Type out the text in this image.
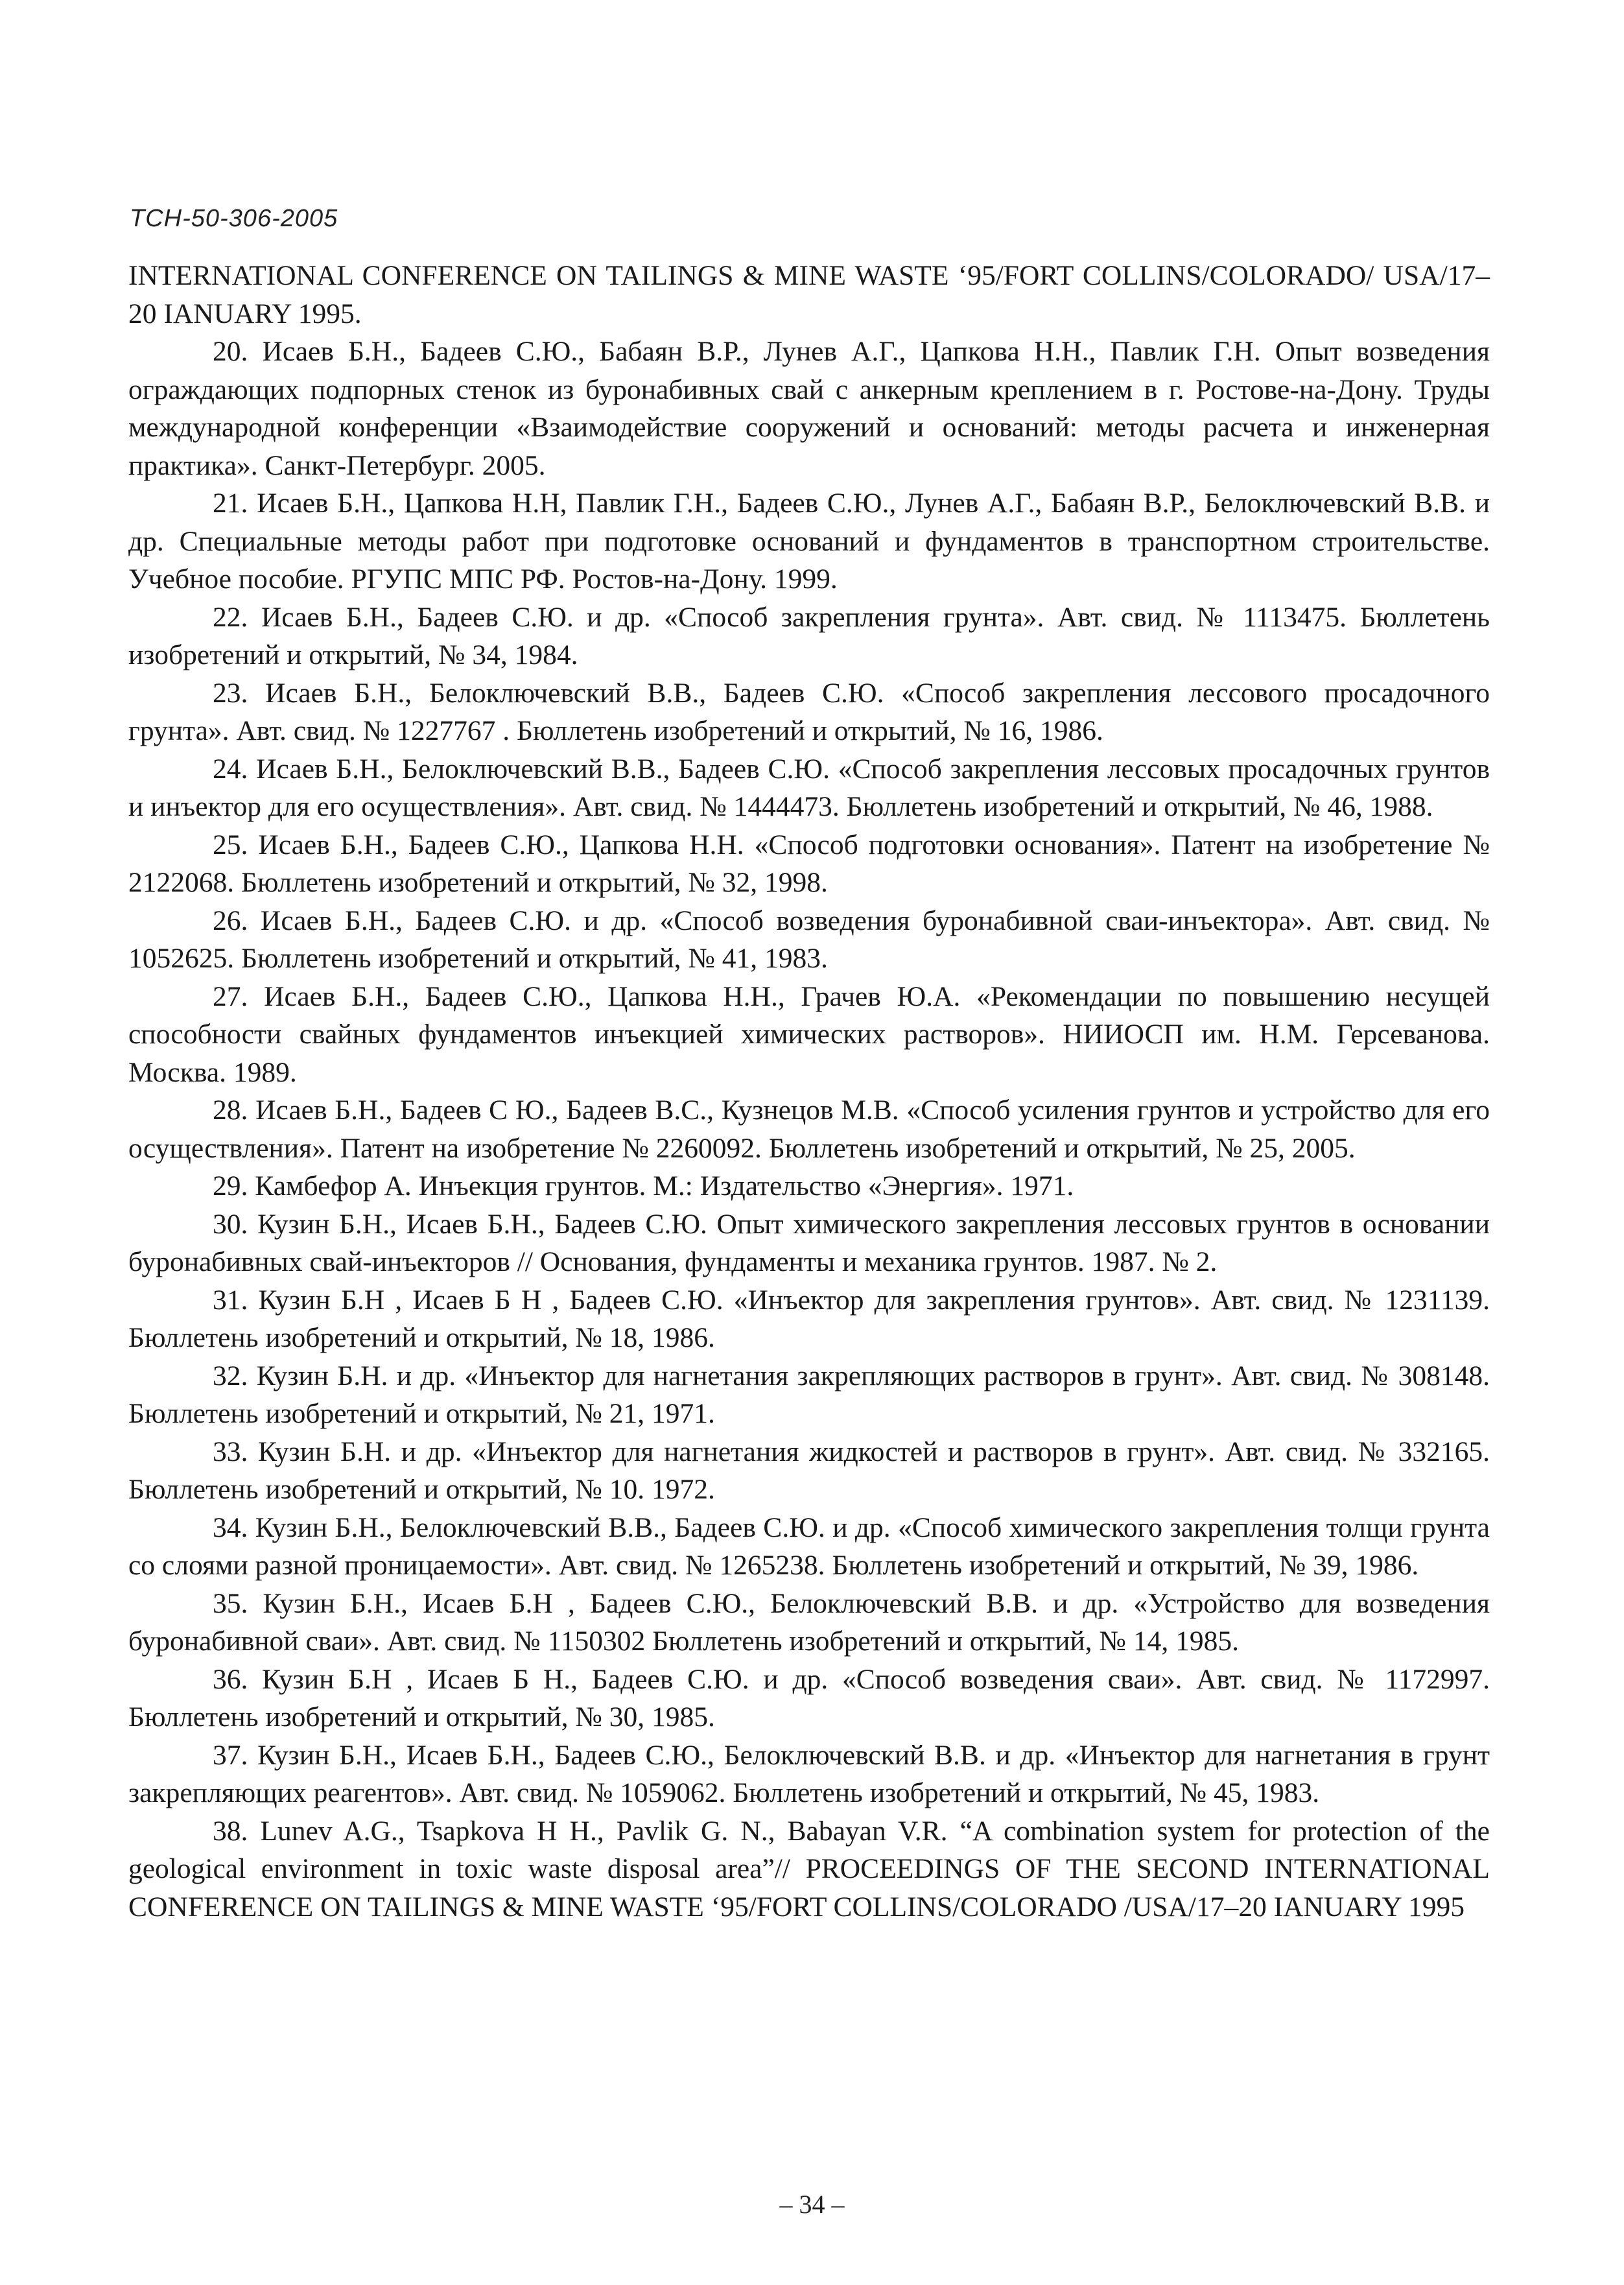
ТСН-50-306-2005

INTERNATIONAL CONFERENCE ON TAILINGS & MINE WASTE ‘95/FORT COLLINS/COLORADO/ USA/17–20 IANUARY 1995.

20. Исаев Б.Н., Бадеев С.Ю., Бабаян В.Р., Лунев А.Г., Цапкова Н.Н., Павлик Г.Н. Опыт возведения ограждающих подпорных стенок из буронабивных свай с анкерным креплением в г. Ростове-на-Дону. Труды международной конференции «Взаимодействие сооружений и оснований: методы расчета и инженерная практика». Санкт-Петербург. 2005.

21. Исаев Б.Н., Цапкова Н.Н, Павлик Г.Н., Бадеев С.Ю., Лунев А.Г., Бабаян В.Р., Белоключевский В.В. и др. Специальные методы работ при подготовке оснований и фундаментов в транспортном строительстве. Учебное пособие. РГУПС МПС РФ. Ростов-на-Дону. 1999.

22. Исаев Б.Н., Бадеев С.Ю. и др. «Способ закрепления грунта». Авт. свид. № 1113475. Бюллетень изобретений и открытий, № 34, 1984.

23. Исаев Б.Н., Белоключевский В.В., Бадеев С.Ю. «Способ закрепления лессового просадочного грунта». Авт. свид. № 1227767 . Бюллетень изобретений и открытий, № 16, 1986.

24. Исаев Б.Н., Белоключевский В.В., Бадеев С.Ю. «Способ закрепления лессовых просадочных грунтов и инъектор для его осуществления». Авт. свид. № 1444473. Бюллетень изобретений и открытий, № 46, 1988.

25. Исаев Б.Н., Бадеев С.Ю., Цапкова Н.Н. «Способ подготовки основания». Патент на изобретение № 2122068. Бюллетень изобретений и открытий, № 32, 1998.

26. Исаев Б.Н., Бадеев С.Ю. и др. «Способ возведения буронабивной сваи-инъектора». Авт. свид. № 1052625. Бюллетень изобретений и открытий, № 41, 1983.

27. Исаев Б.Н., Бадеев С.Ю., Цапкова Н.Н., Грачев Ю.А. «Рекомендации по повышению несущей способности свайных фундаментов инъекцией химических растворов». НИИОСП им. Н.М. Герсеванова. Москва. 1989.

28. Исаев Б.Н., Бадеев С Ю., Бадеев В.С., Кузнецов М.В. «Способ усиления грунтов и устройство для его осуществления». Патент на изобретение № 2260092. Бюллетень изобретений и открытий, № 25, 2005.

29. Камбефор А. Инъекция грунтов. М.: Издательство «Энергия». 1971.

30. Кузин Б.Н., Исаев Б.Н., Бадеев С.Ю. Опыт химического закрепления лессовых грунтов в основании буронабивных свай-инъекторов // Основания, фундаменты и механика грунтов. 1987. № 2.

31. Кузин Б.Н , Исаев Б Н , Бадеев С.Ю. «Инъектор для закрепления грунтов». Авт. свид. № 1231139. Бюллетень изобретений и открытий, № 18, 1986.

32. Кузин Б.Н. и др. «Инъектор для нагнетания закрепляющих растворов в грунт». Авт. свид. № 308148. Бюллетень изобретений и открытий, № 21, 1971.

33. Кузин Б.Н. и др. «Инъектор для нагнетания жидкостей и растворов в грунт». Авт. свид. № 332165. Бюллетень изобретений и открытий, № 10. 1972.

34. Кузин Б.Н., Белоключевский В.В., Бадеев С.Ю. и др. «Способ химического закрепления толщи грунта со слоями разной проницаемости». Авт. свид. № 1265238. Бюллетень изобретений и открытий, № 39, 1986.

35. Кузин Б.Н., Исаев Б.Н , Бадеев С.Ю., Белоключевский В.В. и др. «Устройство для возведения буронабивной сваи». Авт. свид. № 1150302 Бюллетень изобретений и открытий, № 14, 1985.

36. Кузин Б.Н , Исаев Б Н., Бадеев С.Ю. и др. «Способ возведения сваи». Авт. свид. № 1172997. Бюллетень изобретений и открытий, № 30, 1985.

37. Кузин Б.Н., Исаев Б.Н., Бадеев С.Ю., Белоключевский В.В. и др. «Инъектор для нагнетания в грунт закрепляющих реагентов». Авт. свид. № 1059062. Бюллетень изобретений и открытий, № 45, 1983.

38. Lunev A.G., Tsapkova H H., Pavlik G. N., Babayan V.R. “A combination system for protection of the geological environment in toxic waste disposal area”// PROCEEDINGS OF THE SECOND INTERNATIONAL CONFERENCE ON TAILINGS & MINE WASTE ‘95/FORT COLLINS/COLORADO /USA/17–20 IANUARY 1995

– 34 –
